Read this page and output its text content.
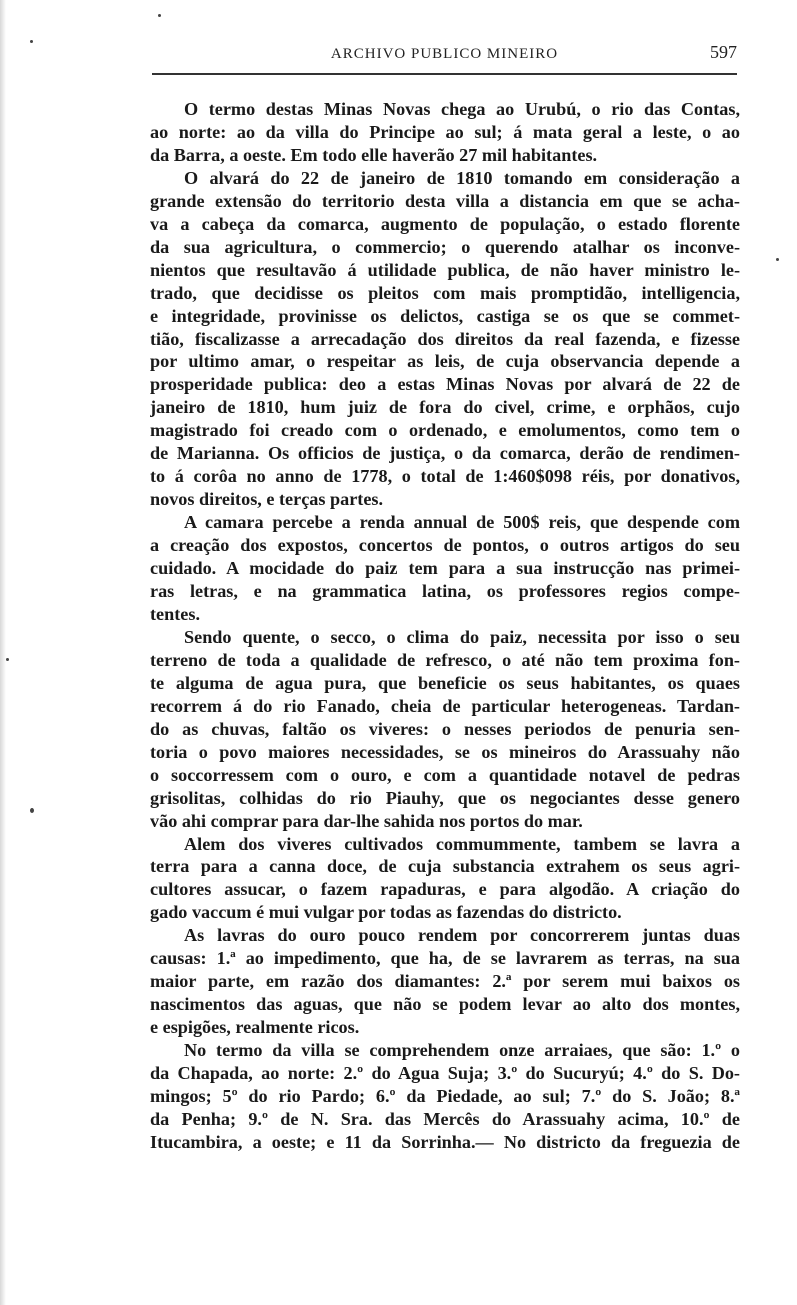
ARCHIVO PUBLICO MINEIRO	597
O termo destas Minas Novas chega ao Urubú, o rio das Contas,
ao norte: ao da villa do Principe ao sul; á mata geral a leste, o ao
da Barra, a oeste. Em todo elle haverão 27 mil habitantes.
O alvará do 22 de janeiro de 1810 tomando em consideração a
grande extensão do territorio desta villa a distancia em que se acha-
va a cabeça da comarca, augmento de população, o estado florente
da sua agricultura, o commercio; o querendo atalhar os inconve-
nientos que resultavão á utilidade publica, de não haver ministro le-
trado, que decidisse os pleitos com mais promptidão, intelligencia,
e integridade, provinisse os delictos, castiga se os que se commet-
tião, fiscalizasse a arrecadação dos direitos da real fazenda, e fizesse
por ultimo amar, o respeitar as leis, de cuja observancia depende a
prosperidade publica: deo a estas Minas Novas por alvará de 22 de
janeiro de 1810, hum juiz de fora do civel, crime, e orphãos, cujo
magistrado foi creado com o ordenado, e emolumentos, como tem o
de Marianna. Os officios de justiça, o da comarca, derão de rendimen-
to á corôa no anno de 1778, o total de 1:460$098 réis, por donativos,
novos direitos, e terças partes.
A camara percebe a renda annual de 500$ reis, que despende com
a creação dos expostos, concertos de pontos, o outros artigos do seu
cuidado. A mocidade do paiz tem para a sua instrucção nas primei-
ras letras, e na grammatica latina, os professores regios compe-
tentes.
Sendo quente, o secco, o clima do paiz, necessita por isso o seu
terreno de toda a qualidade de refresco, o até não tem proxima fon-
te alguma de agua pura, que beneficie os seus habitantes, os quaes
recorrem á do rio Fanado, cheia de particular heterogeneas. Tardan-
do as chuvas, faltão os viveres: o nesses periodos de penuria sen-
toria o povo maiores necessidades, se os mineiros do Arassuahy não
o soccorressem com o ouro, e com a quantidade notavel de pedras
grisolitas, colhidas do rio Piauhy, que os negociantes desse genero
vão ahi comprar para dar-lhe sahida nos portos do mar.
Alem dos viveres cultivados commummente, tambem se lavra a
terra para a canna doce, de cuja substancia extrahem os seus agri-
cultores assucar, o fazem rapaduras, e para algodão. A criação do
gado vaccum é mui vulgar por todas as fazendas do districto.
As lavras do ouro pouco rendem por concorrerem juntas duas
causas: 1.ª ao impedimento, que ha, de se lavrarem as terras, na sua
maior parte, em razão dos diamantes: 2.ª por serem mui baixos os
nascimentos das aguas, que não se podem levar ao alto dos montes,
e espigões, realmente ricos.
No termo da villa se comprehendem onze arraiaes, que são: 1.º o
da Chapada, ao norte: 2.º do Agua Suja; 3.º do Sucuryú; 4.º do S. Do-
mingos; 5º do rio Pardo; 6.º da Piedade, ao sul; 7.º do S. João; 8.ª
da Penha; 9.º de N. Sra. das Mercês do Arassuahy acima, 10.º de
Itucambira, a oeste; e 11 da Sorrinha.— No districto da freguezia de
